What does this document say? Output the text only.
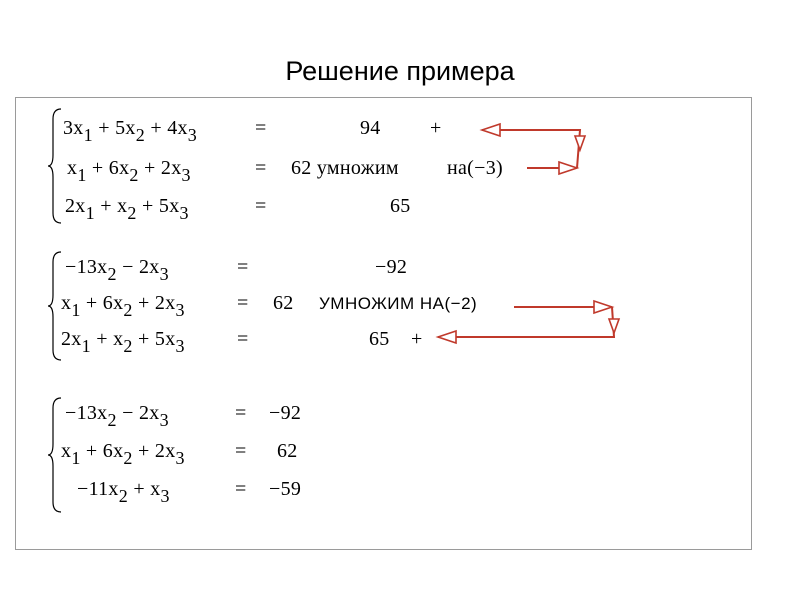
Решение примера
$3x_1 + 5x_2 + 4x_3$	=	94 +
$x_1 + 6x_2 + 2x_3$	= 62 умножим на(−3)
$2x_1 + x_2 + 5x_3$	=	65
$-13x_2 - 2x_3$	=	−92
$x_1 + 6x_2 + 2x_3$	= 62 УМНОЖИМ НА(−2)
$2x_1 + x_2 + 5x_3$	=	65 +
$-13x_2 - 2x_3$	= −92
$x_1 + 6x_2 + 2x_3$	= 62
$-11x_2 + x_3$	= −59
